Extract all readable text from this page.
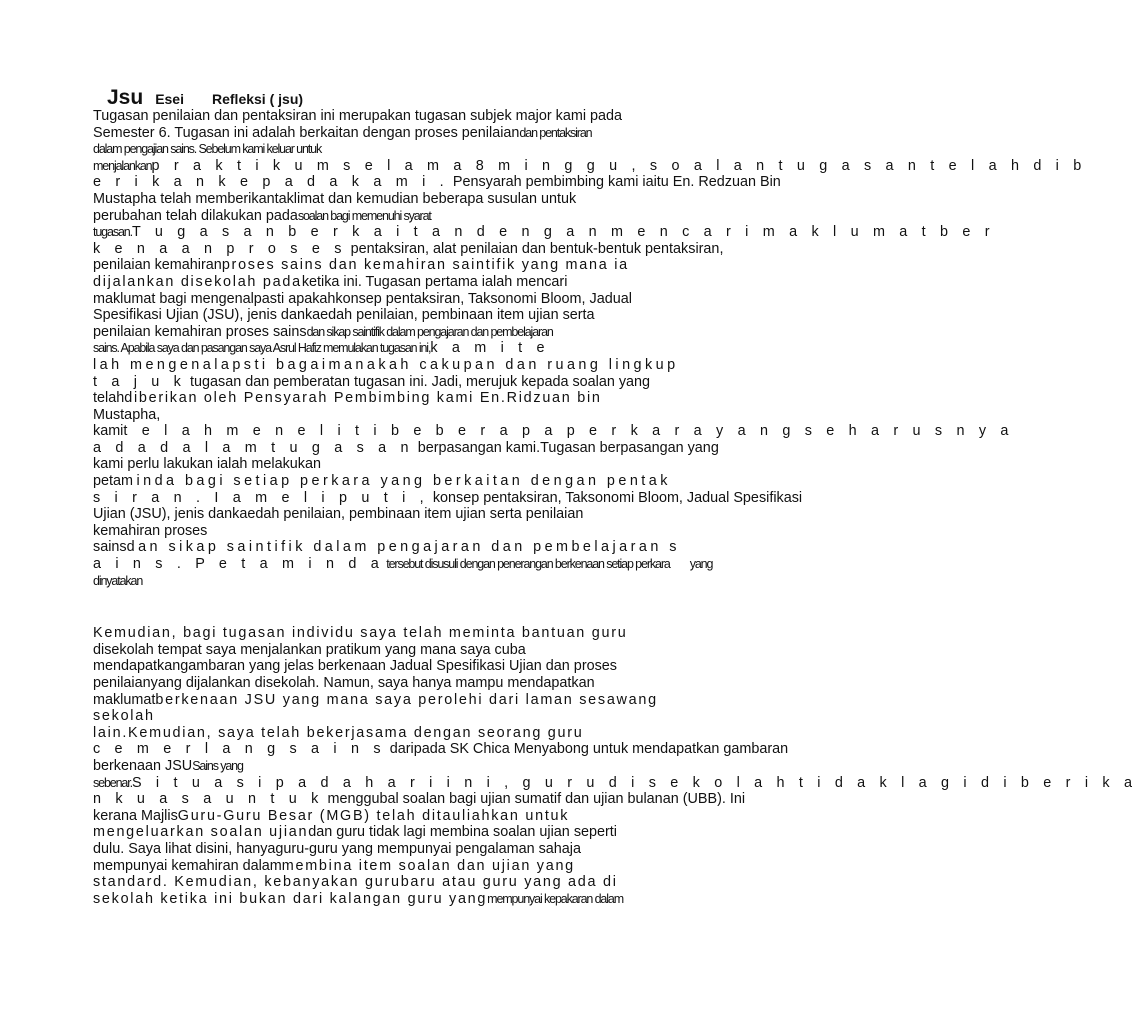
Jsu Esei Refleksi ( jsu)
Tugasan penilaian dan pentaksiran ini merupakan tugasan subjek major kami pada
Semester 6. Tugasan ini adalah berkaitan dengan proses penilaiandan pentaksiran
dalam pengajian sains. Sebelum kami keluar untuk
menjalankanp r a k t i k u m s e l a m a 8 m i n g g u , s o a l a n t u g a s a n t e l a h d i b
e r i k a n k e p a d a k a m i . Pensyarah pembimbing kami iaitu En. Redzuan Bin
Mustapha telah memberikantaklimat dan kemudian beberapa susulan untuk
perubahan telah dilakukan padasoalan bagi memenuhi syarat
tugasan.T u g a s a n b e r k a i t a n d e n g a n m e n c a r i m a k l u m a t b e r
k e n a a n p r o s e s pentaksiran, alat penilaian dan bentuk-bentuk pentaksiran,
penilaian kemahiranproses sains dan kemahiran saintifik yang mana ia
dijalankan disekolah padaketika ini. Tugasan pertama ialah mencari
maklumat bagi mengenalpasti apakahkonsep pentaksiran, Taksonomi Bloom, Jadual
Spesifikasi Ujian (JSU), jenis dankaedah penilaian, pembinaan item ujian serta
penilaian kemahiran proses sainsdan sikap saintifik dalam pengajaran dan pembelajaran
sains. Apabila saya dan pasangan saya Asrul Hafiz memulakan tugasan ini,k a m i t e
lah mengenalapsti bagaimanakah cakupan dan ruang lingkup
t a j u k tugasan dan pemberatan tugasan ini. Jadi, merujuk kepada soalan yang
telahdiberikan oleh Pensyarah Pembimbing kami En.Ridzuan bin
Mustapha,
kamit e l a h m e n e l i t i b e b e r a p a p e r k a r a y a n g s e h a r u s n y a
a d a d a l a m t u g a s a n berpasangan kami.Tugasan berpasangan yang
kami perlu lakukan ialah melakukan
petaminda bagi setiap perkara yang berkaitan dengan pentak
s i r a n . I a m e l i p u t i , konsep pentaksiran, Taksonomi Bloom, Jadual Spesifikasi
Ujian (JSU), jenis dankaedah penilaian, pembinaan item ujian serta penilaian
kemahiran proses
sainsdan sikap saintifik dalam pengajaran dan pembelajaran s
a i n s . P e t a m i n d a tersebut disusuli dengan penerangan berkenaan setiap perkara yang
dinyatakan
Kemudian, bagi tugasan individu saya telah meminta bantuan guru
disekolah tempat saya menjalankan pratikum yang mana saya cuba
mendapatkangambaran yang jelas berkenaan Jadual Spesifikasi Ujian dan proses
penilaianyang dijalankan disekolah. Namun, saya hanya mampu mendapatkan
maklumatberkenaan JSU yang mana saya perolehi dari laman sesawang
sekolah
lain.Kemudian, saya telah bekerjasama dengan seorang guru
c e m e r l a n g s a i n s daripada SK Chica Menyabong untuk mendapatkan gambaran
berkenaan JSUSains yang
sebenar.S i t u a s i p a d a h a r i i n i , g u r u d i s e k o l a h t i d a k l a g i d i b e r i k a
n k u a s a u n t u k menggubal soalan bagi ujian sumatif dan ujian bulanan (UBB). Ini
kerana MajlisGuru-Guru Besar (MGB) telah ditauliahkan untuk
mengeluarkan soalan ujiandan guru tidak lagi membina soalan ujian seperti
dulu. Saya lihat disini, hanyaguru-guru yang mempunyai pengalaman sahaja
mempunyai kemahiran dalammembina item soalan dan ujian yang
standard. Kemudian, kebanyakan gurubaru atau guru yang ada di
sekolah ketika ini bukan dari kalangan guru yangmempunyai kepakaran dalam
